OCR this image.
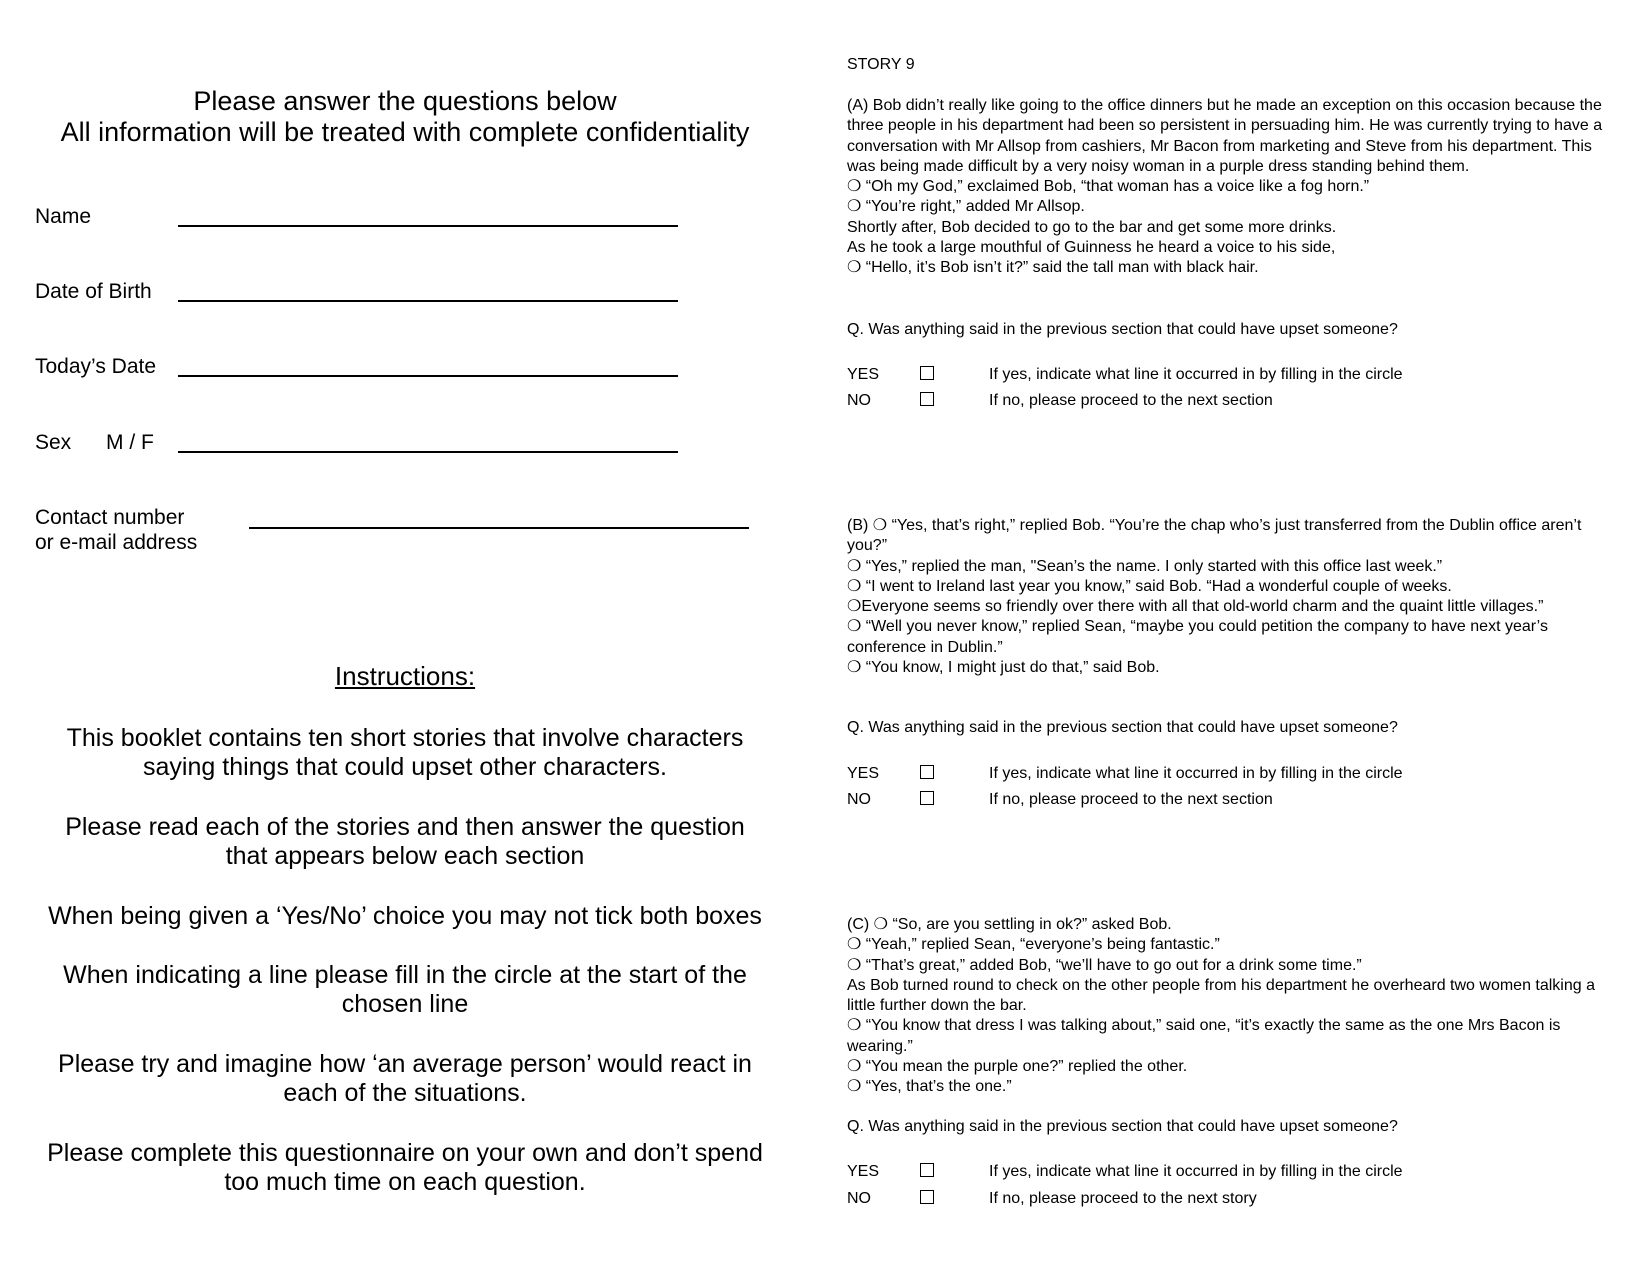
Please answer the questions below
All information will be treated with complete confidentiality
Name
Date of Birth
Today’s Date
Sex M / F
Contact number
or e-mail address
Instructions:
This booklet contains ten short stories that involve characters
saying things that could upset other characters.
Please read each of the stories and then answer the question
that appears below each section
When being given a ‘Yes/No’ choice you may not tick both boxes
When indicating a line please fill in the circle at the start of the
chosen line
Please try and imagine how ‘an average person’ would react in
each of the situations.
Please complete this questionnaire on your own and don’t spend
too much time on each question.
STORY 9

(A) Bob didn’t really like going to the office dinners but he made an exception on this occasion because the three people in his department had been so persistent in persuading him. He was currently trying to have a conversation with Mr Allsop from cashiers, Mr Bacon from marketing and Steve from his department. This was being made difficult by a very noisy woman in a purple dress standing behind them.

❍ “Oh my God,” exclaimed Bob, “that woman has a voice like a fog horn.”

❍ “You’re right,” added Mr Allsop.

Shortly after, Bob decided to go to the bar and get some more drinks.

As he took a large mouthful of Guinness he heard a voice to his side,

❍ “Hello, it’s Bob isn’t it?” said the tall man with black hair.

Q. Was anything said in the previous section that could have upset someone?
YES	If yes, indicate what line it occurred in by filling in the circle
NO	If no, please proceed to the next section

(B) ❍ “Yes, that’s right,” replied Bob. “You’re the chap who’s just transferred from the Dublin office aren’t you?”

❍ “Yes,” replied the man, "Sean’s the name. I only started with this office last week.”

❍ “I went to Ireland last year you know,” said Bob. “Had a wonderful couple of weeks.

❍Everyone seems so friendly over there with all that old-world charm and the quaint little villages.”

❍ “Well you never know,” replied Sean, “maybe you could petition the company to have next year’s conference in Dublin.”

❍ “You know, I might just do that,” said Bob.

Q. Was anything said in the previous section that could have upset someone?
YES	If yes, indicate what line it occurred in by filling in the circle
NO	If no, please proceed to the next section

(C) ❍ “So, are you settling in ok?” asked Bob.

❍ “Yeah,” replied Sean, “everyone’s being fantastic.”

❍ “That’s great,” added Bob, “we’ll have to go out for a drink some time.”

As Bob turned round to check on the other people from his department he overheard two women talking a little further down the bar.

❍ “You know that dress I was talking about,” said one, “it’s exactly the same as the one Mrs Bacon is wearing.”

❍ “You mean the purple one?” replied the other.

❍ “Yes, that’s the one.”

Q. Was anything said in the previous section that could have upset someone?
YES	If yes, indicate what line it occurred in by filling in the circle
NO	If no, please proceed to the next story
